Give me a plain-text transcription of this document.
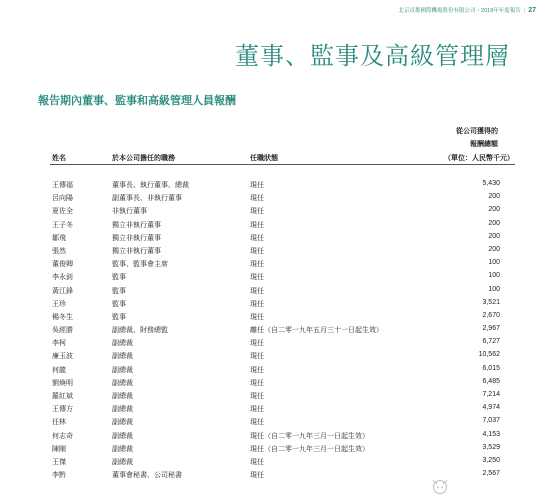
北京首都國際機場股份有限公司・2019年年度報告 | 27
董事、監事及高級管理層
報告期內董事、監事和高級管理人員報酬
從公司獲得的
報酬總額
姓名	於本公司擔任的職務	任職狀態	（單位：人民幣千元）
王傳福	董事長、執行董事、總裁	現任	5,430
呂向陽	副董事長、非執行董事	現任	200
夏佐全	非執行董事	現任	200
王子冬	獨立非執行董事	現任	200
鄒飛	獨立非執行董事	現任	200
張然	獨立非執行董事	現任	200
董俊卿	監事、監事會主席	現任	100
李永釗	監事	現任	100
黃江鋒	監事	現任	100
王珍	監事	現任	3,521
楊冬生	監事	現任	2,670
吳經勝	副總裁、財務總監	離任（自二零一九年五月三十一日起生效）	2,967
李柯	副總裁	現任	6,727
廉玉波	副總裁	現任	10,562
何龍	副總裁	現任	6,015
劉煥明	副總裁	現任	6,485
羅紅斌	副總裁	現任	7,214
王傳方	副總裁	現任	4,974
任林	副總裁	現任	7,037
何志奇	副總裁	現任（自二零一九年三月一日起生效）	4,153
陳剛	副總裁	現任（自二零一九年三月一日起生效）	3,529
王傑	副總裁	現任	3,250
李黔	董事會秘書、公司秘書	現任	2,567
